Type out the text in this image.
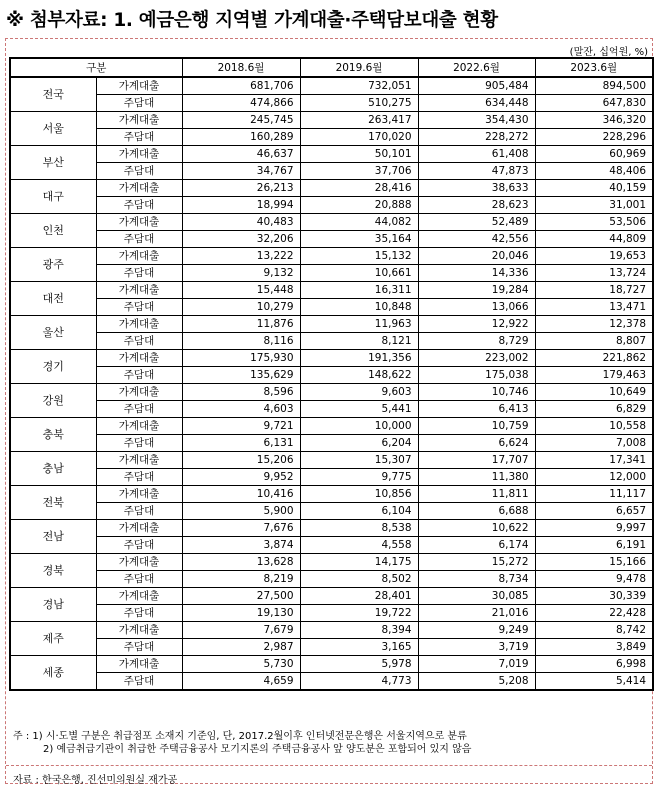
※ 첨부자료: 1. 예금은행 지역별 가계대출·주택담보대출 현황
(말잔, 십억원, %)
구분		2018.6월	2019.6월	2022.6월	2023.6월
전국	가계대출	681,706	732,051	905,484	894,500
	주담대	474,866	510,275	634,448	647,830
서울	가계대출	245,745	263,417	354,430	346,320
	주담대	160,289	170,020	228,272	228,296
부산	가계대출	46,637	50,101	61,408	60,969
	주담대	34,767	37,706	47,873	48,406
대구	가계대출	26,213	28,416	38,633	40,159
	주담대	18,994	20,888	28,623	31,001
인천	가계대출	40,483	44,082	52,489	53,506
	주담대	32,206	35,164	42,556	44,809
광주	가계대출	13,222	15,132	20,046	19,653
	주담대	9,132	10,661	14,336	13,724
대전	가계대출	15,448	16,311	19,284	18,727
	주담대	10,279	10,848	13,066	13,471
울산	가계대출	11,876	11,963	12,922	12,378
	주담대	8,116	8,121	8,729	8,807
경기	가계대출	175,930	191,356	223,002	221,862
	주담대	135,629	148,622	175,038	179,463
강원	가계대출	8,596	9,603	10,746	10,649
	주담대	4,603	5,441	6,413	6,829
충북	가계대출	9,721	10,000	10,759	10,558
	주담대	6,131	6,204	6,624	7,008
충남	가계대출	15,206	15,307	17,707	17,341
	주담대	9,952	9,775	11,380	12,000
전북	가계대출	10,416	10,856	11,811	11,117
	주담대	5,900	6,104	6,688	6,657
전남	가계대출	7,676	8,538	10,622	9,997
	주담대	3,874	4,558	6,174	6,191
경북	가계대출	13,628	14,175	15,272	15,166
	주담대	8,219	8,502	8,734	9,478
경남	가계대출	27,500	28,401	30,085	30,339
	주담대	19,130	19,722	21,016	22,428
제주	가계대출	7,679	8,394	9,249	8,742
	주담대	2,987	3,165	3,719	3,849
세종	가계대출	5,730	5,978	7,019	6,998
	주담대	4,659	4,773	5,208	5,414
주 : 1) 시·도별 구분은 취급점포 소재지 기준임, 단, 2017.2월이후 인터넷전문은행은 서울지역으로 분류
2) 예금취급기관이 취급한 주택금융공사 모기지론의 주택금융공사 앞 양도분은 포함되어 있지 않음
자료 : 한국은행, 진선미의원실 재가공
